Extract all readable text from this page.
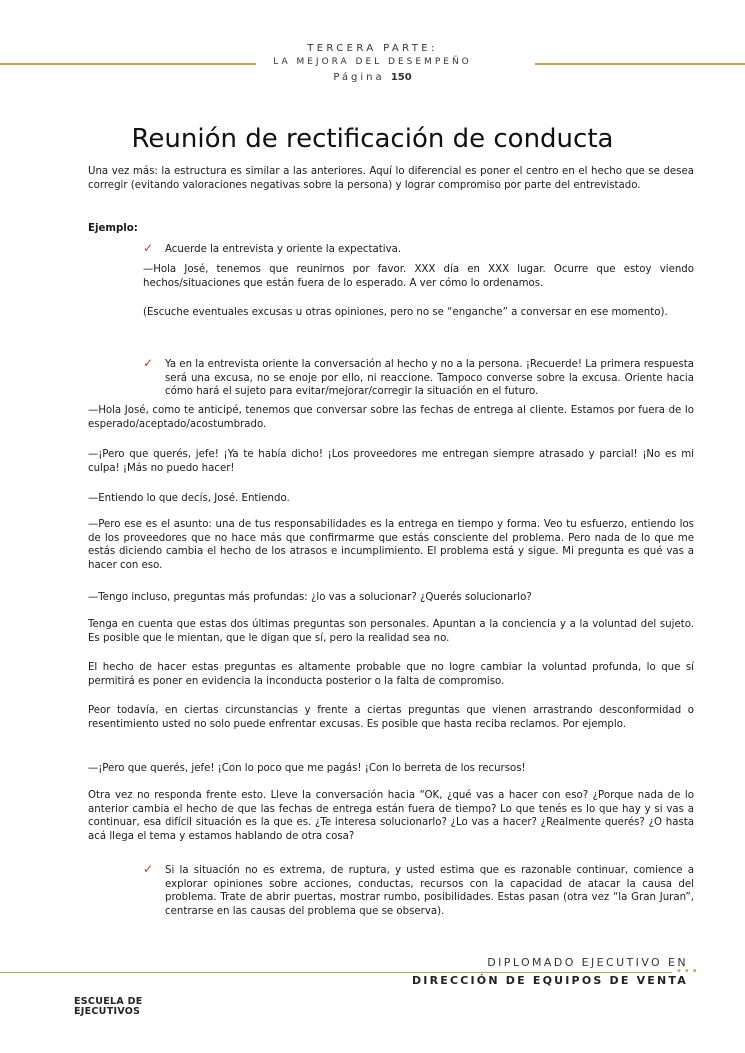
TERCERA PARTE:
LA MEJORA DEL DESEMPEÑO
Página 150
Reunión de rectificación de conducta
Una vez más: la estructura es similar a las anteriores. Aquí lo diferencial es poner el centro en el hecho que se desea corregir (evitando valoraciones negativas sobre la persona) y lograr compromiso por parte del entrevistado.
Ejemplo:
✓ Acuerde la entrevista y oriente la expectativa.
—Hola José, tenemos que reunirnos por favor. XXX día en XXX lugar. Ocurre que estoy viendo hechos/situaciones que están fuera de lo esperado. A ver cómo lo ordenamos.
(Escuche eventuales excusas u otras opiniones, pero no se “enganche” a conversar en ese momento).
✓ Ya en la entrevista oriente la conversación al hecho y no a la persona. ¡Recuerde! La primera respuesta será una excusa, no se enoje por ello, ni reaccione. Tampoco converse sobre la excusa. Oriente hacia cómo hará el sujeto para evitar/mejorar/corregir la situación en el futuro.
—Hola José, como te anticipé, tenemos que conversar sobre las fechas de entrega al cliente. Estamos por fuera de lo esperado/aceptado/acostumbrado.
—¡Pero que querés, jefe! ¡Ya te había dicho! ¡Los proveedores me entregan siempre atrasado y parcial! ¡No es mi culpa! ¡Más no puedo hacer!
—Entiendo lo que decís, José. Entiendo.
—Pero ese es el asunto: una de tus responsabilidades es la entrega en tiempo y forma. Veo tu esfuerzo, entiendo los de los proveedores que no hace más que confirmarme que estás consciente del problema. Pero nada de lo que me estás diciendo cambia el hecho de los atrasos e incumplimiento. El problema está y sigue. Mi pregunta es qué vas a hacer con eso.
—Tengo incluso, preguntas más profundas: ¿lo vas a solucionar? ¿Querés solucionarlo?
Tenga en cuenta que estas dos últimas preguntas son personales. Apuntan a la conciencia y a la voluntad del sujeto. Es posible que le mientan, que le digan que sí, pero la realidad sea no.
El hecho de hacer estas preguntas es altamente probable que no logre cambiar la voluntad profunda, lo que sí permitirá es poner en evidencia la inconducta posterior o la falta de compromiso.
Peor todavía, en ciertas circunstancias y frente a ciertas preguntas que vienen arrastrando desconformidad o resentimiento usted no solo puede enfrentar excusas. Es posible que hasta reciba reclamos. Por ejemplo.
—¡Pero que querés, jefe! ¡Con lo poco que me pagás! ¡Con lo berreta de los recursos!
Otra vez no responda frente esto. Lleve la conversación hacia “OK, ¿qué vas a hacer con eso? ¿Porque nada de lo anterior cambia el hecho de que las fechas de entrega están fuera de tiempo? Lo que tenés es lo que hay y si vas a continuar, esa difícil situación es la que es. ¿Te interesa solucionarlo? ¿Lo vas a hacer? ¿Realmente querés? ¿O hasta acá llega el tema y estamos hablando de otra cosa?
✓ Si la situación no es extrema, de ruptura, y usted estima que es razonable continuar, comience a explorar opiniones sobre acciones, conductas, recursos con la capacidad de atacar la causa del problema. Trate de abrir puertas, mostrar rumbo, posibilidades. Estas pasan (otra vez “la Gran Juran”, centrarse en las causas del problema que se observa).
•••
DIPLOMADO EJECUTIVO EN
DIRECCIÓN DE EQUIPOS DE VENTA
ESCUELA DE
EJECUTIVOS
